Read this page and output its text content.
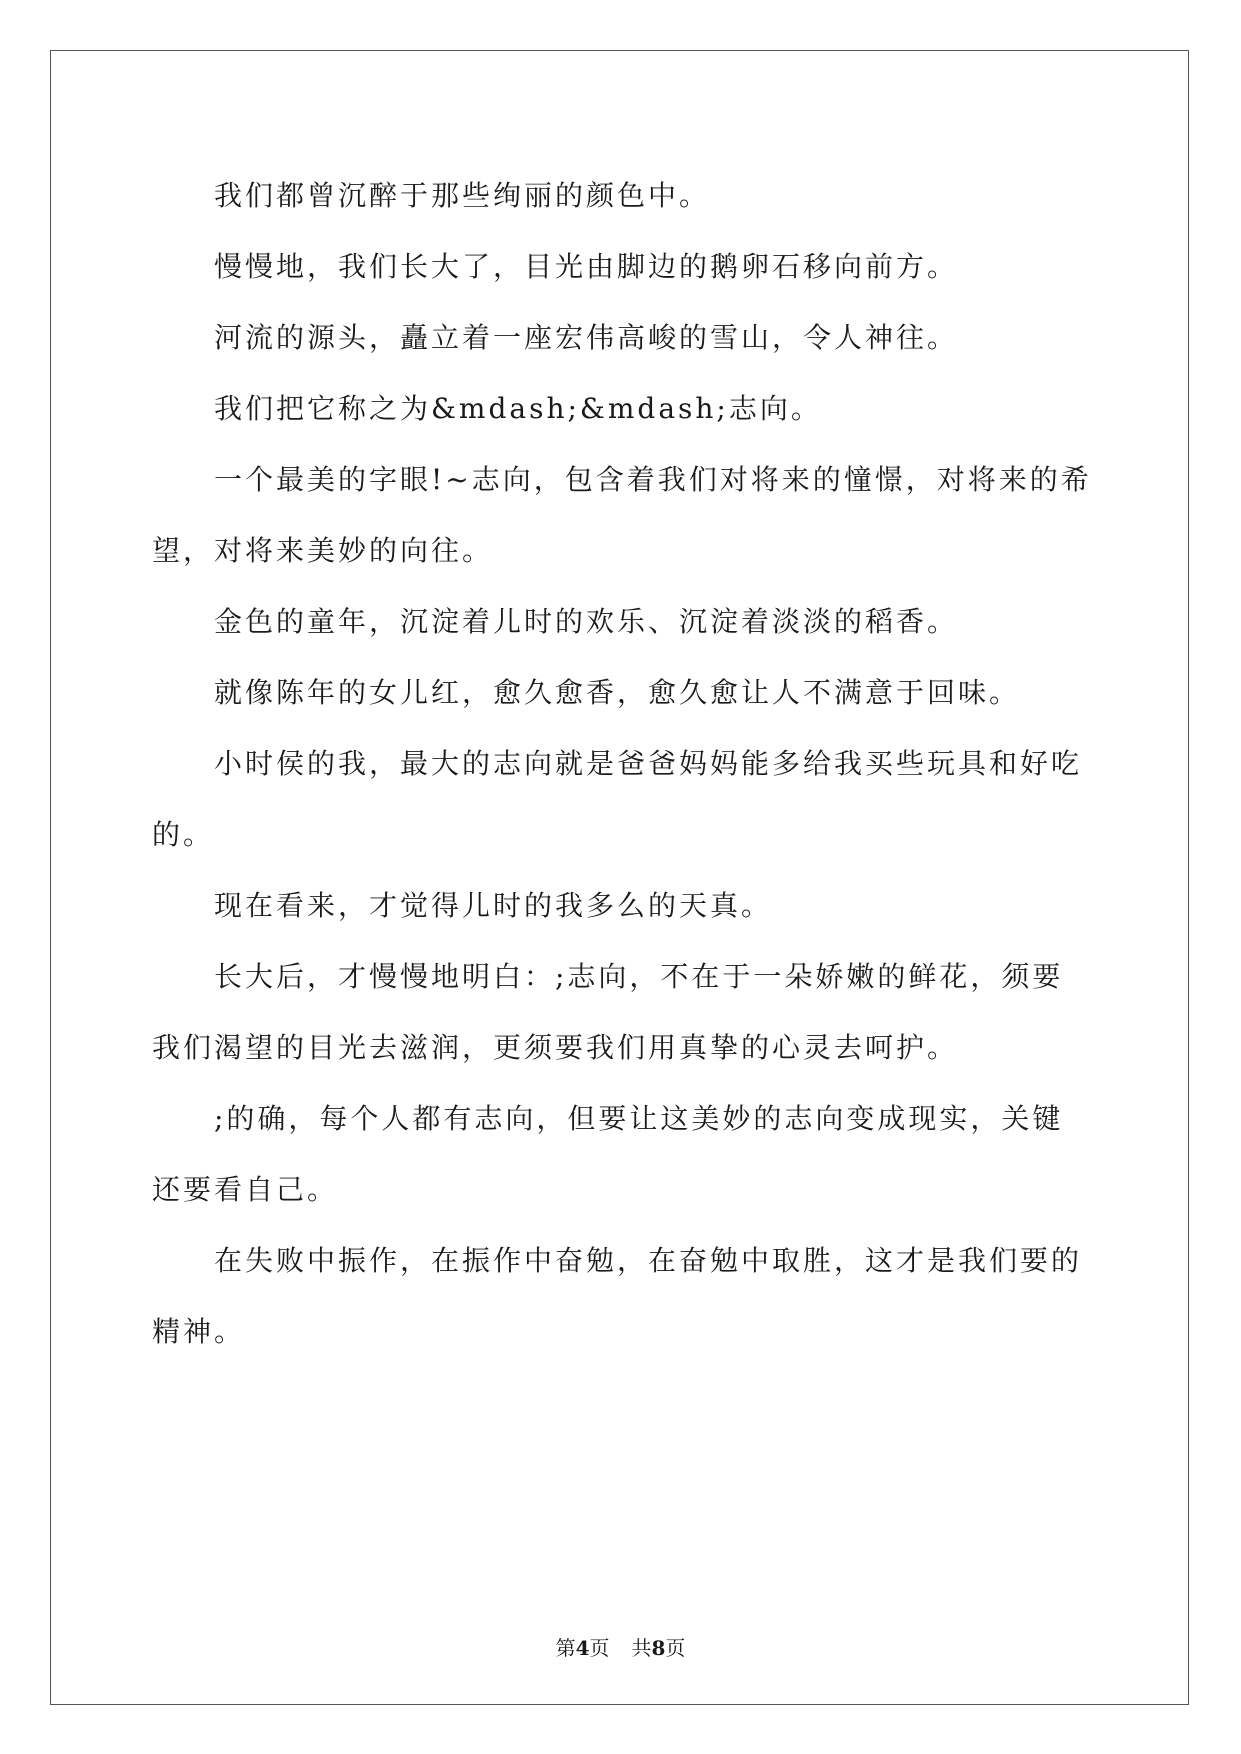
我们都曾沉醉于那些绚丽的颜色中。

慢慢地，我们长大了，目光由脚边的鹅卵石移向前方。

河流的源头，矗立着一座宏伟高峻的雪山，令人神往。

我们把它称之为&mdash;&mdash;志向。

一个最美的字眼!~志向，包含着我们对将来的憧憬，对将来的希望，对将来美妙的向往。

金色的童年，沉淀着儿时的欢乐、沉淀着淡淡的稻香。

就像陈年的女儿红，愈久愈香，愈久愈让人不满意于回味。

小时侯的我，最大的志向就是爸爸妈妈能多给我买些玩具和好吃的。

现在看来，才觉得儿时的我多么的天真。

长大后，才慢慢地明白：;志向，不在于一朵娇嫩的鲜花，须要我们渴望的目光去滋润，更须要我们用真挚的心灵去呵护。

;的确，每个人都有志向，但要让这美妙的志向变成现实，关键还要看自己。

在失败中振作，在振作中奋勉，在奋勉中取胜，这才是我们要的精神。

第4页 共8页
